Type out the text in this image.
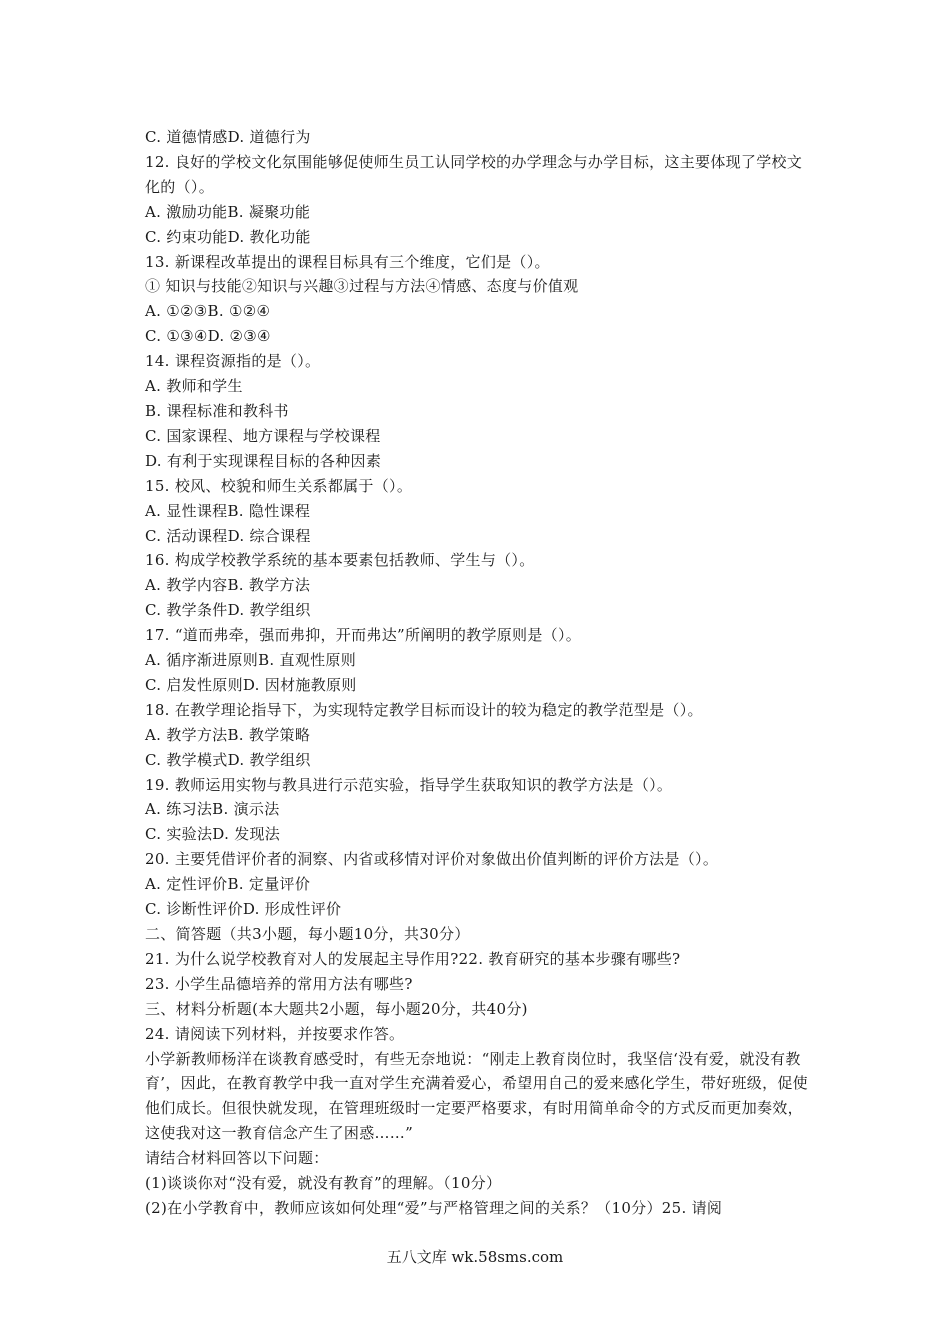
C. 道德情感D. 道德行为
12. 良好的学校文化氛围能够促使师生员工认同学校的办学理念与办学目标，这主要体现了学校文化的（）。
A. 激励功能B. 凝聚功能
C. 约束功能D. 教化功能
13. 新课程改革提出的课程目标具有三个维度，它们是（）。
① 知识与技能②知识与兴趣③过程与方法④情感、态度与价值观
A. ①②③B. ①②④
C. ①③④D. ②③④
14. 课程资源指的是（）。
A. 教师和学生
B. 课程标准和教科书
C. 国家课程、地方课程与学校课程
D. 有利于实现课程目标的各种因素
15. 校风、校貌和师生关系都属于（）。
A. 显性课程B. 隐性课程
C. 活动课程D. 综合课程
16. 构成学校教学系统的基本要素包括教师、学生与（）。
A. 教学内容B. 教学方法
C. 教学条件D. 教学组织
17. “道而弗牵，强而弗抑，开而弗达”所阐明的教学原则是（）。
A. 循序渐进原则B. 直观性原则
C. 启发性原则D. 因材施教原则
18. 在教学理论指导下，为实现特定教学目标而设计的较为稳定的教学范型是（）。
A. 教学方法B. 教学策略
C. 教学模式D. 教学组织
19. 教师运用实物与教具进行示范实验，指导学生获取知识的教学方法是（）。
A. 练习法B. 演示法
C. 实验法D. 发现法
20. 主要凭借评价者的洞察、内省或移情对评价对象做出价值判断的评价方法是（）。
A. 定性评价B. 定量评价
C. 诊断性评价D. 形成性评价
二、简答题（共3小题，每小题10分，共30分）
21. 为什么说学校教育对人的发展起主导作用?22. 教育研究的基本步骤有哪些?
23. 小学生品德培养的常用方法有哪些?
三、材料分析题(本大题共2小题，每小题20分，共40分)
24. 请阅读下列材料，并按要求作答。
小学新教师杨洋在谈教育感受时，有些无奈地说：“刚走上教育岗位时，我坚信‘没有爱，就没有教育’，因此，在教育教学中我一直对学生充满着爱心，希望用自己的爱来感化学生，带好班级，促使他们成长。但很快就发现，在管理班级时一定要严格要求，有时用简单命令的方式反而更加奏效，这使我对这一教育信念产生了困惑……”
请结合材料回答以下问题：
(1)谈谈你对“没有爱，就没有教育”的理解。（10分）
(2)在小学教育中，教师应该如何处理“爱”与严格管理之间的关系？（10分）25. 请阅
五八文库 wk.58sms.com
